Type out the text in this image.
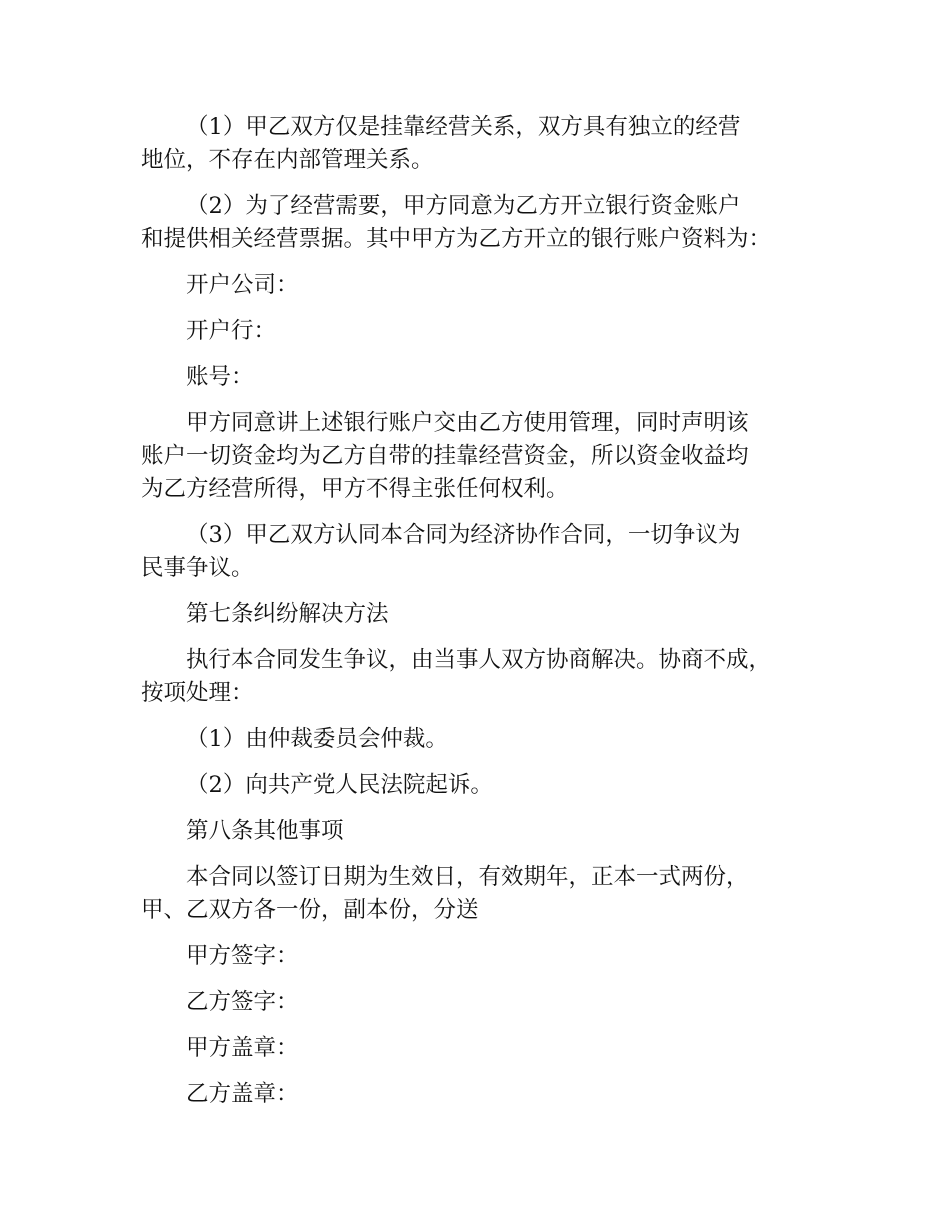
（1）甲乙双方仅是挂靠经营关系，双方具有独立的经营
地位，不存在内部管理关系。

（2）为了经营需要，甲方同意为乙方开立银行资金账户
和提供相关经营票据。其中甲方为乙方开立的银行账户资料为：

开户公司：

开户行：

账号：

甲方同意讲上述银行账户交由乙方使用管理，同时声明该
账户一切资金均为乙方自带的挂靠经营资金，所以资金收益均
为乙方经营所得，甲方不得主张任何权利。

（3）甲乙双方认同本合同为经济协作合同，一切争议为
民事争议。

第七条纠纷解决方法

执行本合同发生争议，由当事人双方协商解决。协商不成，
按项处理：

（1）由仲裁委员会仲裁。

（2）向共产党人民法院起诉。

第八条其他事项

本合同以签订日期为生效日，有效期年，正本一式两份，
甲、乙双方各一份，副本份，分送

甲方签字：

乙方签字：

甲方盖章：

乙方盖章：
